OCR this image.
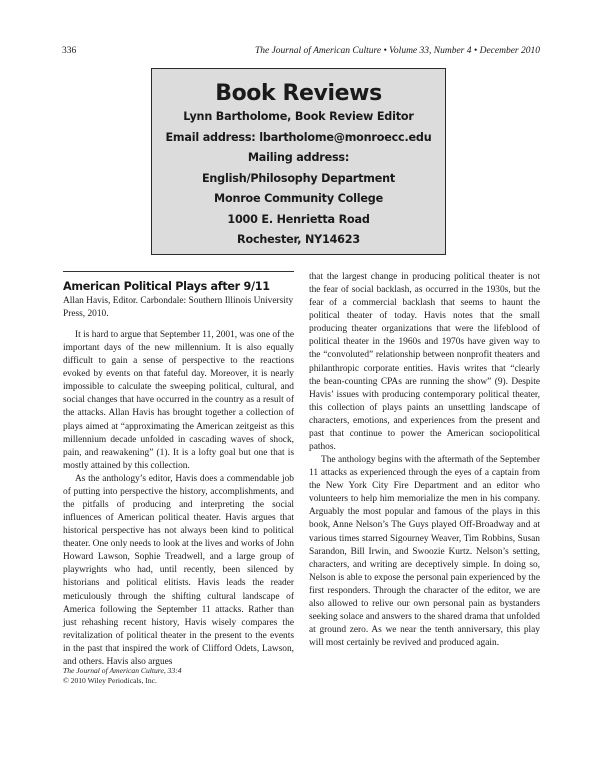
336	The Journal of American Culture • Volume 33, Number 4 • December 2010
Book Reviews
Lynn Bartholome, Book Review Editor
Email address: lbartholome@monroecc.edu
Mailing address:
English/Philosophy Department
Monroe Community College
1000 E. Henrietta Road
Rochester, NY14623
American Political Plays after 9/11
Allan Havis, Editor. Carbondale: Southern Illinois University Press, 2010.

It is hard to argue that September 11, 2001, was one of the important days of the new millennium. It is also equally difficult to gain a sense of perspective to the reactions evoked by events on that fateful day. Moreover, it is nearly impossible to calculate the sweeping political, cultural, and social changes that have occurred in the country as a result of the attacks. Allan Havis has brought together a collection of plays aimed at “approximating the American zeitgeist as this millennium decade unfolded in cascading waves of shock, pain, and reawakening” (1). It is a lofty goal but one that is mostly attained by this collection.

As the anthology’s editor, Havis does a commendable job of putting into perspective the history, accomplishments, and the pitfalls of producing and interpreting the social influences of American political theater. Havis argues that historical perspective has not always been kind to political theater. One only needs to look at the lives and works of John Howard Lawson, Sophie Treadwell, and a large group of playwrights who had, until recently, been silenced by historians and political elitists. Havis leads the reader meticulously through the shifting cultural landscape of America following the September 11 attacks. Rather than just rehashing recent history, Havis wisely compares the revitalization of political theater in the present to the events in the past that inspired the work of Clifford Odets, Lawson, and others. Havis also argues

that the largest change in producing political theater is not the fear of social backlash, as occurred in the 1930s, but the fear of a commercial backlash that seems to haunt the political theater of today. Havis notes that the small producing theater organizations that were the lifeblood of political theater in the 1960s and 1970s have given way to the “convoluted” relationship between nonprofit theaters and philanthropic corporate entities. Havis writes that “clearly the bean-counting CPAs are running the show” (9). Despite Havis’ issues with producing contemporary political theater, this collection of plays paints an unsettling landscape of characters, emotions, and experiences from the present and past that continue to power the American sociopolitical pathos.

The anthology begins with the aftermath of the September 11 attacks as experienced through the eyes of a captain from the New York City Fire Department and an editor who volunteers to help him memorialize the men in his company. Arguably the most popular and famous of the plays in this book, Anne Nelson’s The Guys played Off-Broadway and at various times starred Sigourney Weaver, Tim Robbins, Susan Sarandon, Bill Irwin, and Swoozie Kurtz. Nelson’s setting, characters, and writing are deceptively simple. In doing so, Nelson is able to expose the personal pain experienced by the first responders. Through the character of the editor, we are also allowed to relive our own personal pain as bystanders seeking solace and answers to the shared drama that unfolded at ground zero. As we near the tenth anniversary, this play will most certainly be revived and produced again.

The Journal of American Culture, 33:4
© 2010 Wiley Periodicals, Inc.
